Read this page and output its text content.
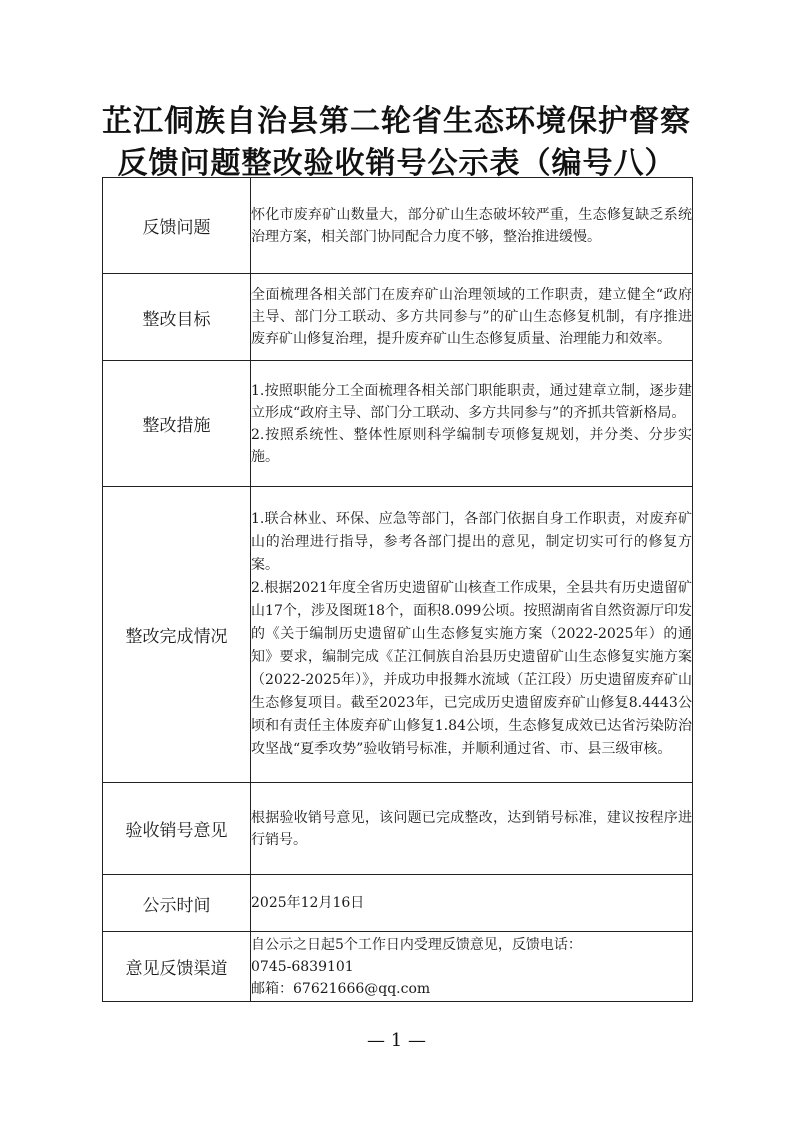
芷江侗族自治县第二轮省生态环境保护督察
反馈问题整改验收销号公示表（编号八）
反馈问题	怀化市废弃矿山数量大，部分矿山生态破坏较严重，生态修复缺乏系统治理方案，相关部门协同配合力度不够，整治推进缓慢。

整改目标	全面梳理各相关部门在废弃矿山治理领域的工作职责，建立健全“政府主导、部门分工联动、多方共同参与”的矿山生态修复机制，有序推进废弃矿山修复治理，提升废弃矿山生态修复质量、治理能力和效率。

整改措施	1.按照职能分工全面梳理各相关部门职能职责，通过建章立制，逐步建立形成“政府主导、部门分工联动、多方共同参与”的齐抓共管新格局。

2.按照系统性、整体性原则科学编制专项修复规划，并分类、分步实施。

整改完成情况	1.联合林业、环保、应急等部门，各部门依据自身工作职责，对废弃矿山的治理进行指导，参考各部门提出的意见，制定切实可行的修复方案。

2.根据2021年度全省历史遗留矿山核查工作成果，全县共有历史遗留矿山17个，涉及图斑18个，面积8.099公顷。按照湖南省自然资源厅印发的《关于编制历史遗留矿山生态修复实施方案（2022-2025年）的通知》要求，编制完成《芷江侗族自治县历史遗留矿山生态修复实施方案（2022-2025年）》，并成功申报舞水流域（芷江段）历史遗留废弃矿山生态修复项目。截至2023年，已完成历史遗留废弃矿山修复8.4443公顷和有责任主体废弃矿山修复1.84公顷，生态修复成效已达省污染防治攻坚战“夏季攻势”验收销号标准，并顺利通过省、市、县三级审核。

验收销号意见	根据验收销号意见，该问题已完成整改，达到销号标准，建议按程序进行销号。

公示时间	2025年12月16日

意见反馈渠道	自公示之日起5个工作日内受理反馈意见，反馈电话：

0745-6839101

邮箱：67621666@qq.com

— 1 —
